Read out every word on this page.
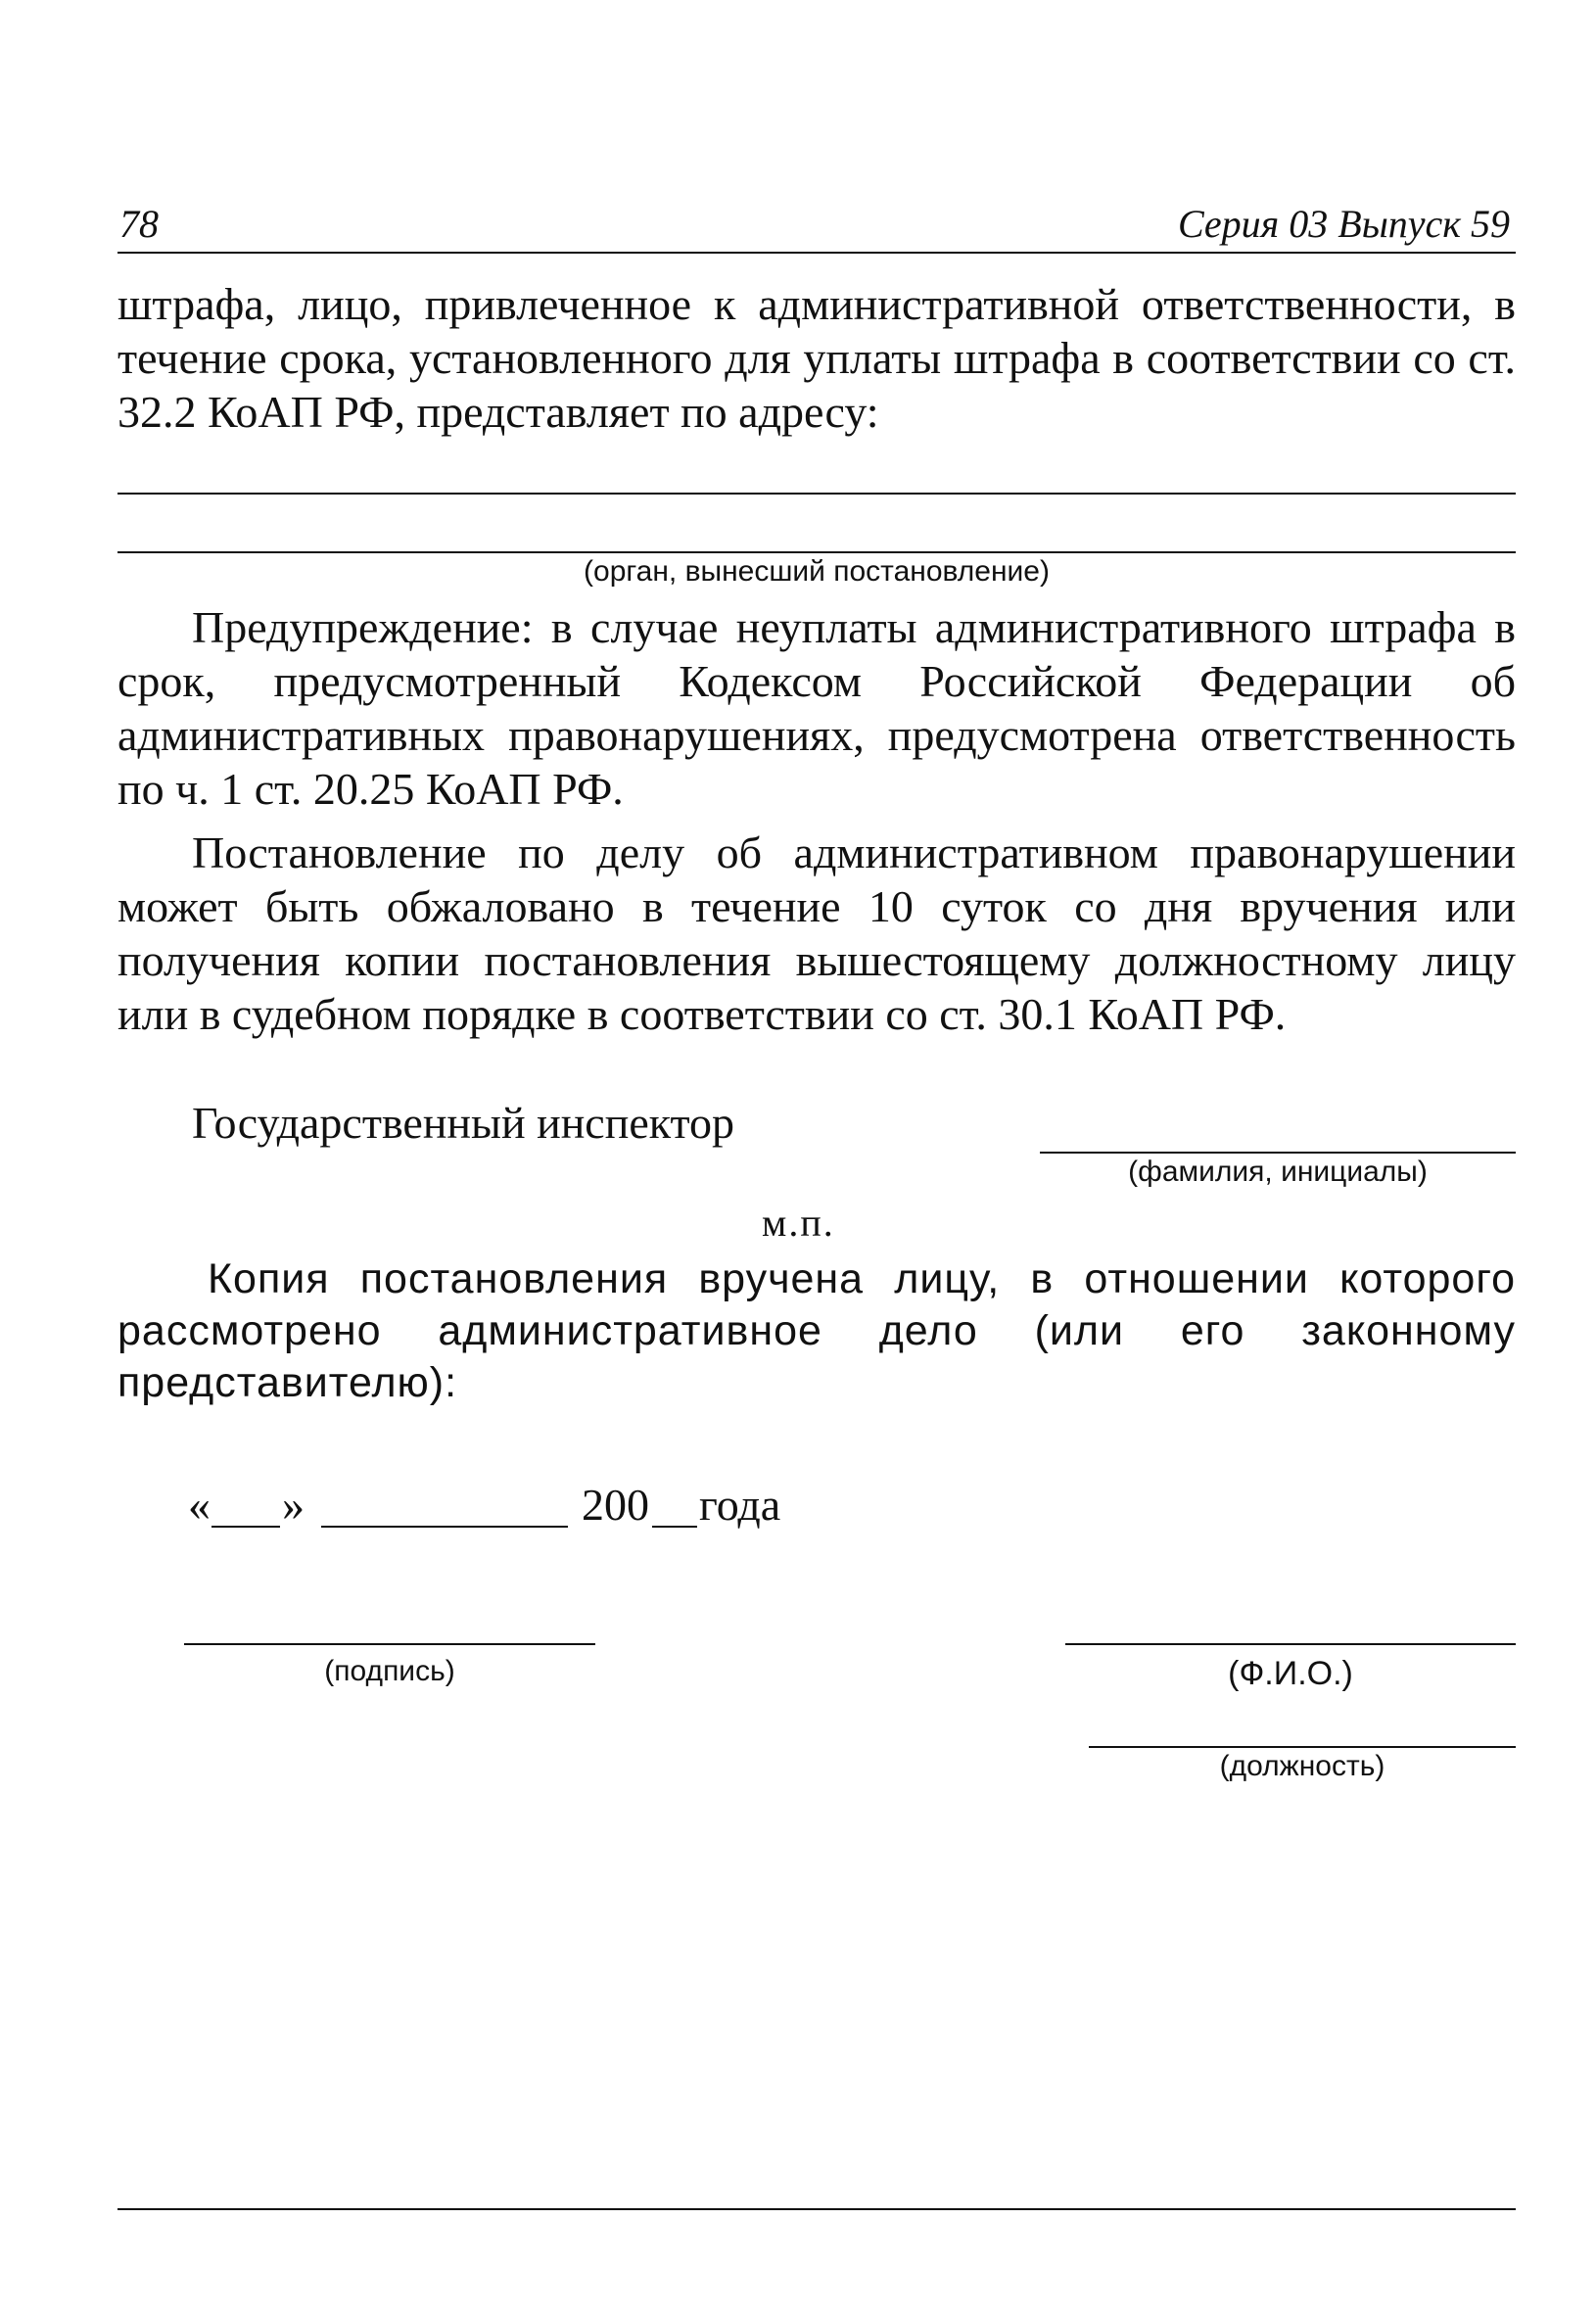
78	Серия 03 Выпуск 59

штрафа, лицо, привлеченное к административной ответственности, в течение срока, установленного для уплаты штрафа в соответствии со ст. 32.2 КоАП РФ, представляет по адресу:

(орган, вынесший постановление)

Предупреждение: в случае неуплаты административного штрафа в срок, предусмотренный Кодексом Российской Федерации об административных правонарушениях, предусмотрена ответственность по ч. 1 ст. 20.25 КоАП РФ.

Постановление по делу об административном правонарушении может быть обжаловано в течение 10 суток со дня вручения или получения копии постановления вышестоящему должностному лицу или в судебном порядке в соответствии со ст. 30.1 КоАП РФ.

Государственный инспектор
(фамилия, инициалы)
м.п.

Копия постановления вручена лицу, в отношении которого рассмотрено административное дело (или его законному представителю):

« »	200 года
(подпись)	(Ф.И.О.)
(должность)
